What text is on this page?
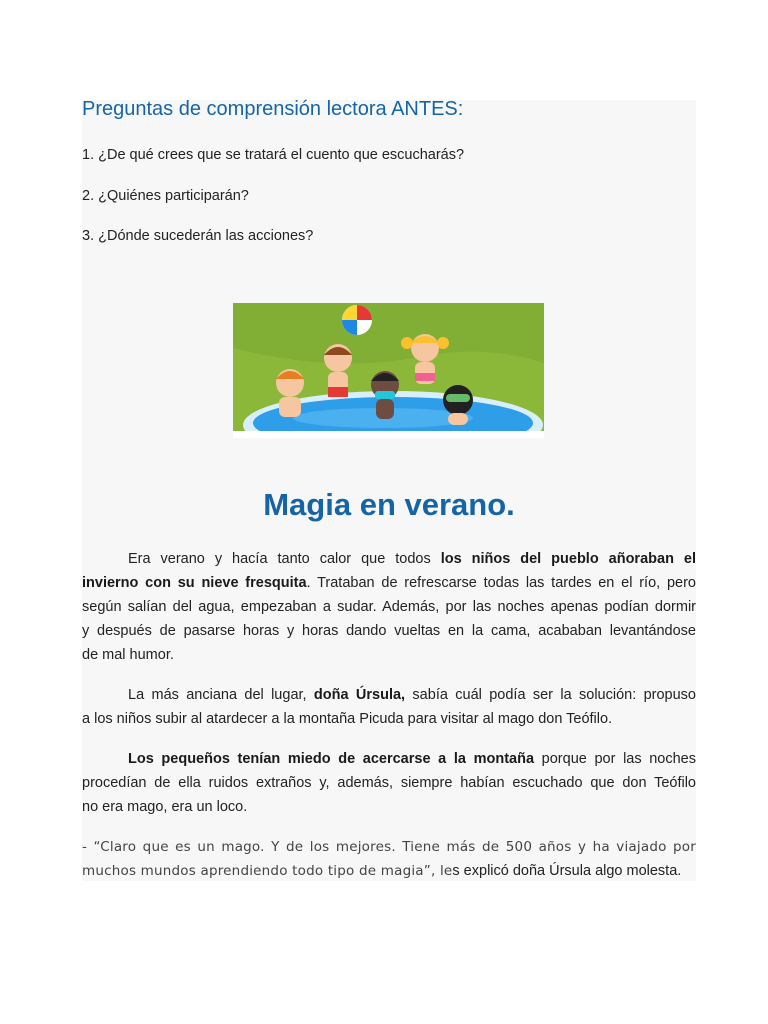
Preguntas de comprensión lectora ANTES:

1. ¿De qué crees que se tratará el cuento que escucharás?

2. ¿Quiénes participarán?

3. ¿Dónde sucederán las acciones?

Magia en verano.
Era verano y hacía tanto calor que todos los niños del pueblo añoraban el
invierno con su nieve fresquita. Trataban de refrescarse todas las tardes en el río, pero
según salían del agua, empezaban a sudar. Además, por las noches apenas podían dormir
y después de pasarse horas y horas dando vueltas en la cama, acababan levantándose
de mal humor.
La más anciana del lugar, doña Úrsula, sabía cuál podía ser la solución: propuso
a los niños subir al atardecer a la montaña Picuda para visitar al mago don Teófilo.
Los pequeños tenían miedo de acercarse a la montaña porque por las noches
procedían de ella ruidos extraños y, además, siempre habían escuchado que don Teófilo
no era mago, era un loco.
- “Claro que es un mago. Y de los mejores. Tiene más de 500 años y ha viajado por
muchos mundos aprendiendo todo tipo de magia”, les explicó doña Úrsula algo molesta.
